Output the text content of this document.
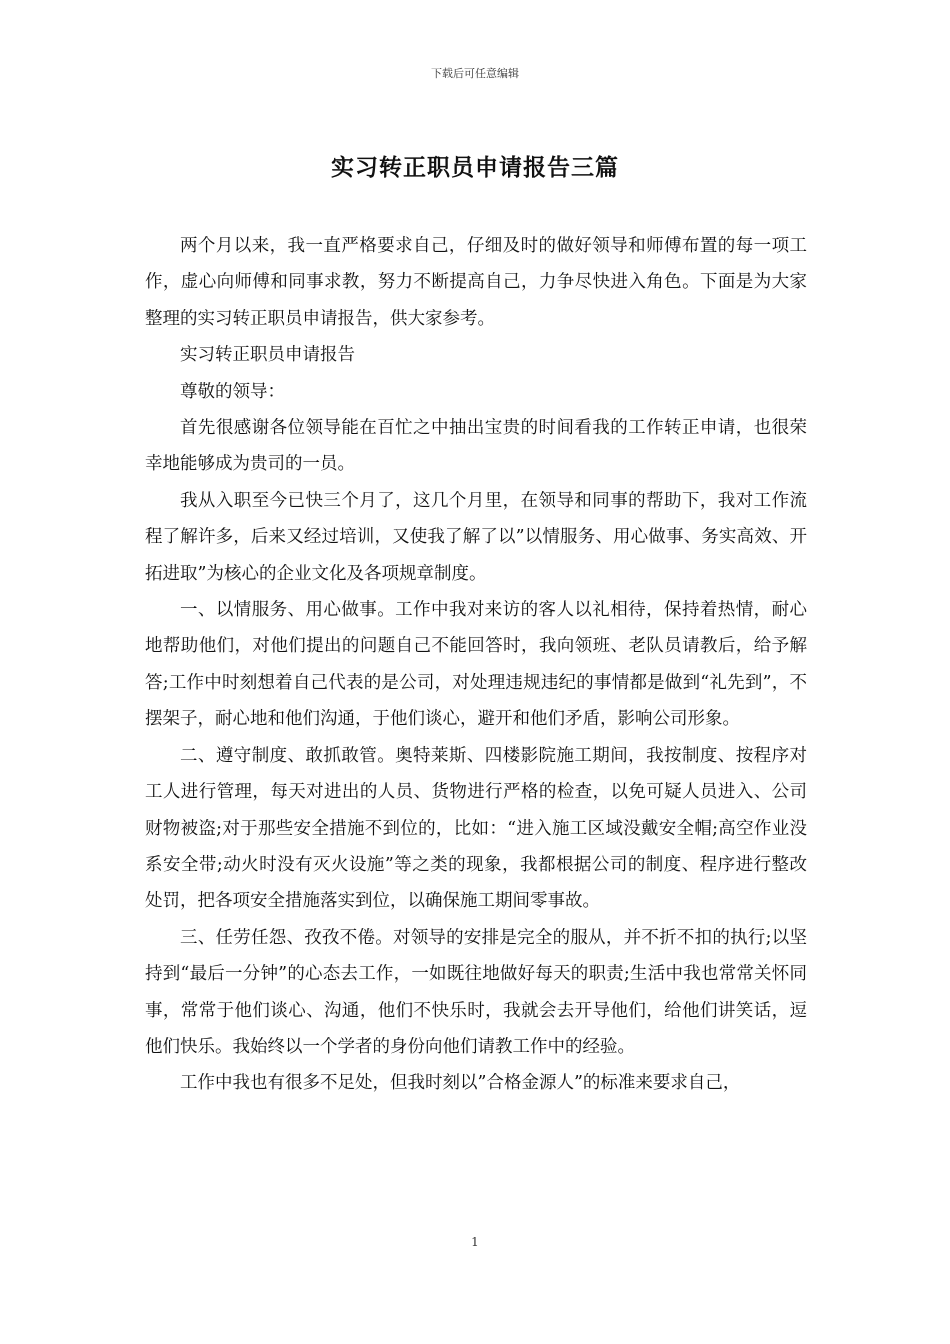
下载后可任意编辑
实习转正职员申请报告三篇

两个月以来，我一直严格要求自己，仔细及时的做好领导和师傅布置的每一项工作，虚心向师傅和同事求教，努力不断提高自己，力争尽快进入角色。下面是为大家整理的实习转正职员申请报告，供大家参考。

实习转正职员申请报告

尊敬的领导：

首先很感谢各位领导能在百忙之中抽出宝贵的时间看我的工作转正申请，也很荣幸地能够成为贵司的一员。

我从入职至今已快三个月了，这几个月里，在领导和同事的帮助下，我对工作流程了解许多，后来又经过培训，又使我了解了以”以情服务、用心做事、务实高效、开拓进取”为核心的企业文化及各项规章制度。

一、以情服务、用心做事。工作中我对来访的客人以礼相待，保持着热情，耐心地帮助他们，对他们提出的问题自己不能回答时，我向领班、老队员请教后，给予解答;工作中时刻想着自己代表的是公司，对处理违规违纪的事情都是做到“礼先到”，不摆架子，耐心地和他们沟通，于他们谈心，避开和他们矛盾，影响公司形象。

二、遵守制度、敢抓敢管。奥特莱斯、四楼影院施工期间，我按制度、按程序对工人进行管理，每天对进出的人员、货物进行严格的检查，以免可疑人员进入、公司财物被盗;对于那些安全措施不到位的，比如：“进入施工区域没戴安全帽;高空作业没系安全带;动火时没有灭火设施”等之类的现象，我都根据公司的制度、程序进行整改处罚，把各项安全措施落实到位，以确保施工期间零事故。

三、任劳任怨、孜孜不倦。对领导的安排是完全的服从，并不折不扣的执行;以坚持到“最后一分钟”的心态去工作，一如既往地做好每天的职责;生活中我也常常关怀同事，常常于他们谈心、沟通，他们不快乐时，我就会去开导他们，给他们讲笑话，逗他们快乐。我始终以一个学者的身份向他们请教工作中的经验。

工作中我也有很多不足处，但我时刻以”合格金源人”的标准来要求自己，

1
